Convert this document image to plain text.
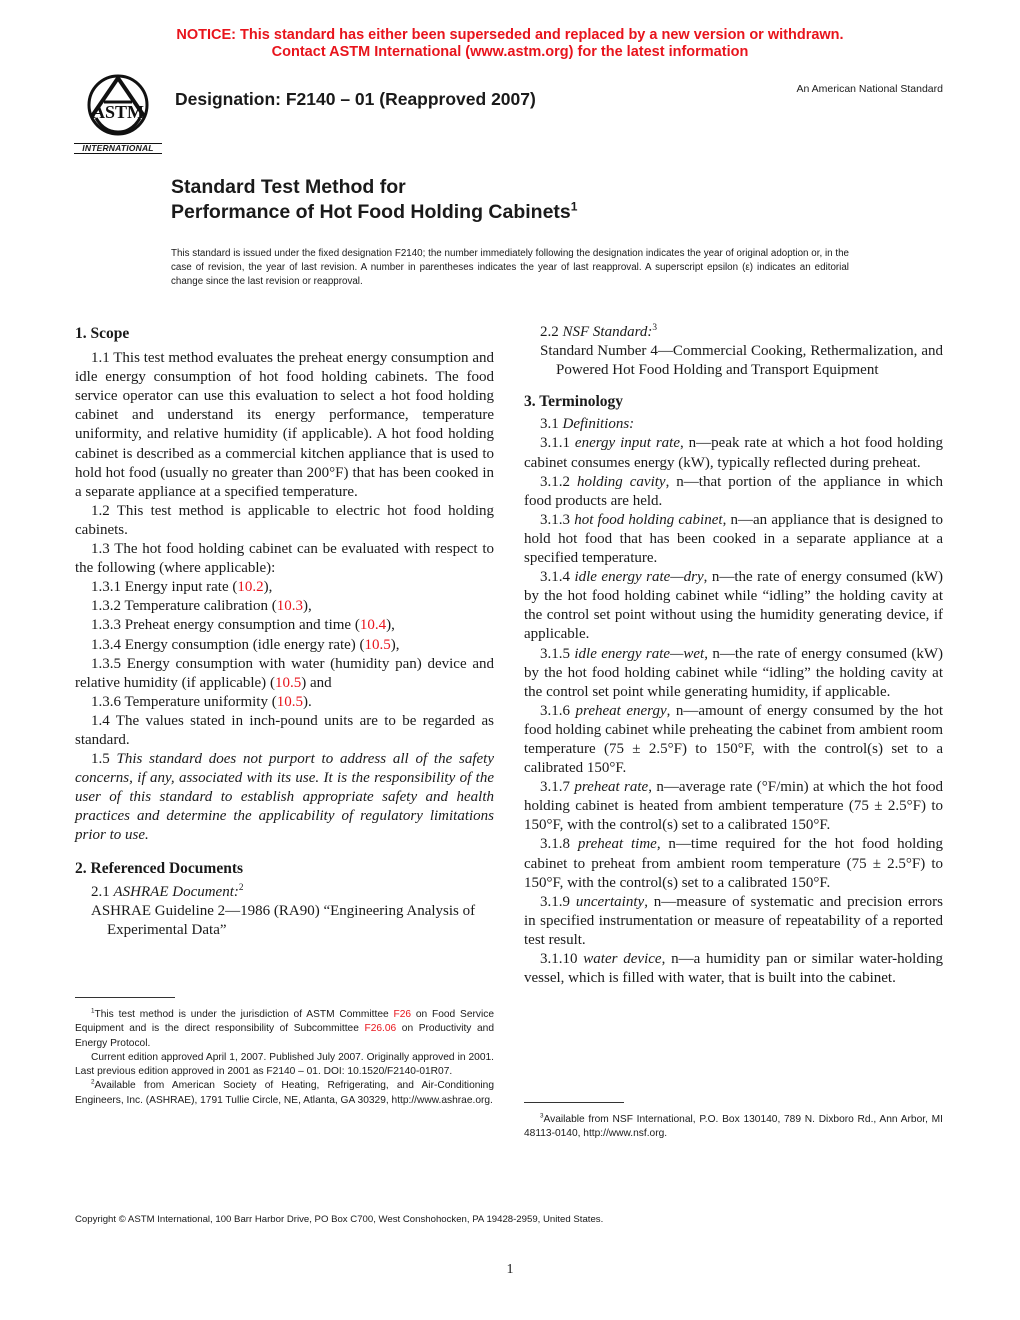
NOTICE: This standard has either been superseded and replaced by a new version or withdrawn.
Contact ASTM International (www.astm.org) for the latest information
ASTM
INTERNATIONAL
Designation: F2140 – 01 (Reapproved 2007)	An American National Standard
Standard Test Method for
Performance of Hot Food Holding Cabinets$^1$
This standard is issued under the fixed designation F2140; the number immediately following the designation indicates the year of original adoption or, in the case of revision, the year of last revision. A number in parentheses indicates the year of last reapproval. A superscript epsilon (ε) indicates an editorial change since the last revision or reapproval.

1. Scope

1.1 This test method evaluates the preheat energy consumption and idle energy consumption of hot food holding cabinets. The food service operator can use this evaluation to select a hot food holding cabinet and understand its energy performance, temperature uniformity, and relative humidity (if applicable). A hot food holding cabinet is described as a commercial kitchen appliance that is used to hold hot food (usually no greater than 200°F) that has been cooked in a separate appliance at a specified temperature.

1.2 This test method is applicable to electric hot food holding cabinets.

1.3 The hot food holding cabinet can be evaluated with respect to the following (where applicable):

1.3.1 Energy input rate (10.2),

1.3.2 Temperature calibration (10.3),

1.3.3 Preheat energy consumption and time (10.4),

1.3.4 Energy consumption (idle energy rate) (10.5),

1.3.5 Energy consumption with water (humidity pan) device and relative humidity (if applicable) (10.5) and

1.3.6 Temperature uniformity (10.5).

1.4 The values stated in inch-pound units are to be regarded as standard.

1.5 This standard does not purport to address all of the safety concerns, if any, associated with its use. It is the responsibility of the user of this standard to establish appropriate safety and health practices and determine the applicability of regulatory limitations prior to use.

2. Referenced Documents

2.1 ASHRAE Document:$^2$

ASHRAE Guideline 2—1986 (RA90) “Engineering Analysis of Experimental Data”

$^1$This test method is under the jurisdiction of ASTM Committee F26 on Food Service Equipment and is the direct responsibility of Subcommittee F26.06 on Productivity and Energy Protocol.

Current edition approved April 1, 2007. Published July 2007. Originally approved in 2001. Last previous edition approved in 2001 as F2140 – 01. DOI: 10.1520/F2140-01R07.

$^2$Available from American Society of Heating, Refrigerating, and Air-Conditioning Engineers, Inc. (ASHRAE), 1791 Tullie Circle, NE, Atlanta, GA 30329, http://www.ashrae.org.

2.2 NSF Standard:$^3$

Standard Number 4—Commercial Cooking, Rethermalization, and Powered Hot Food Holding and Transport Equipment

3. Terminology

3.1 Definitions:

3.1.1 energy input rate, n—peak rate at which a hot food holding cabinet consumes energy (kW), typically reflected during preheat.

3.1.2 holding cavity, n—that portion of the appliance in which food products are held.

3.1.3 hot food holding cabinet, n—an appliance that is designed to hold hot food that has been cooked in a separate appliance at a specified temperature.

3.1.4 idle energy rate—dry, n—the rate of energy consumed (kW) by the hot food holding cabinet while “idling” the holding cavity at the control set point without using the humidity generating device, if applicable.

3.1.5 idle energy rate—wet, n—the rate of energy consumed (kW) by the hot food holding cabinet while “idling” the holding cavity at the control set point while generating humidity, if applicable.

3.1.6 preheat energy, n—amount of energy consumed by the hot food holding cabinet while preheating the cabinet from ambient room temperature (75 ± 2.5°F) to 150°F, with the control(s) set to a calibrated 150°F.

3.1.7 preheat rate, n—average rate (°F/min) at which the hot food holding cabinet is heated from ambient temperature (75 ± 2.5°F) to 150°F, with the control(s) set to a calibrated 150°F.

3.1.8 preheat time, n—time required for the hot food holding cabinet to preheat from ambient room temperature (75 ± 2.5°F) to 150°F, with the control(s) set to a calibrated 150°F.

3.1.9 uncertainty, n—measure of systematic and precision errors in specified instrumentation or measure of repeatability of a reported test result.

3.1.10 water device, n—a humidity pan or similar water-holding vessel, which is filled with water, that is built into the cabinet.

$^3$Available from NSF International, P.O. Box 130140, 789 N. Dixboro Rd., Ann Arbor, MI 48113-0140, http://www.nsf.org.

Copyright © ASTM International, 100 Barr Harbor Drive, PO Box C700, West Conshohocken, PA 19428-2959, United States.
1
